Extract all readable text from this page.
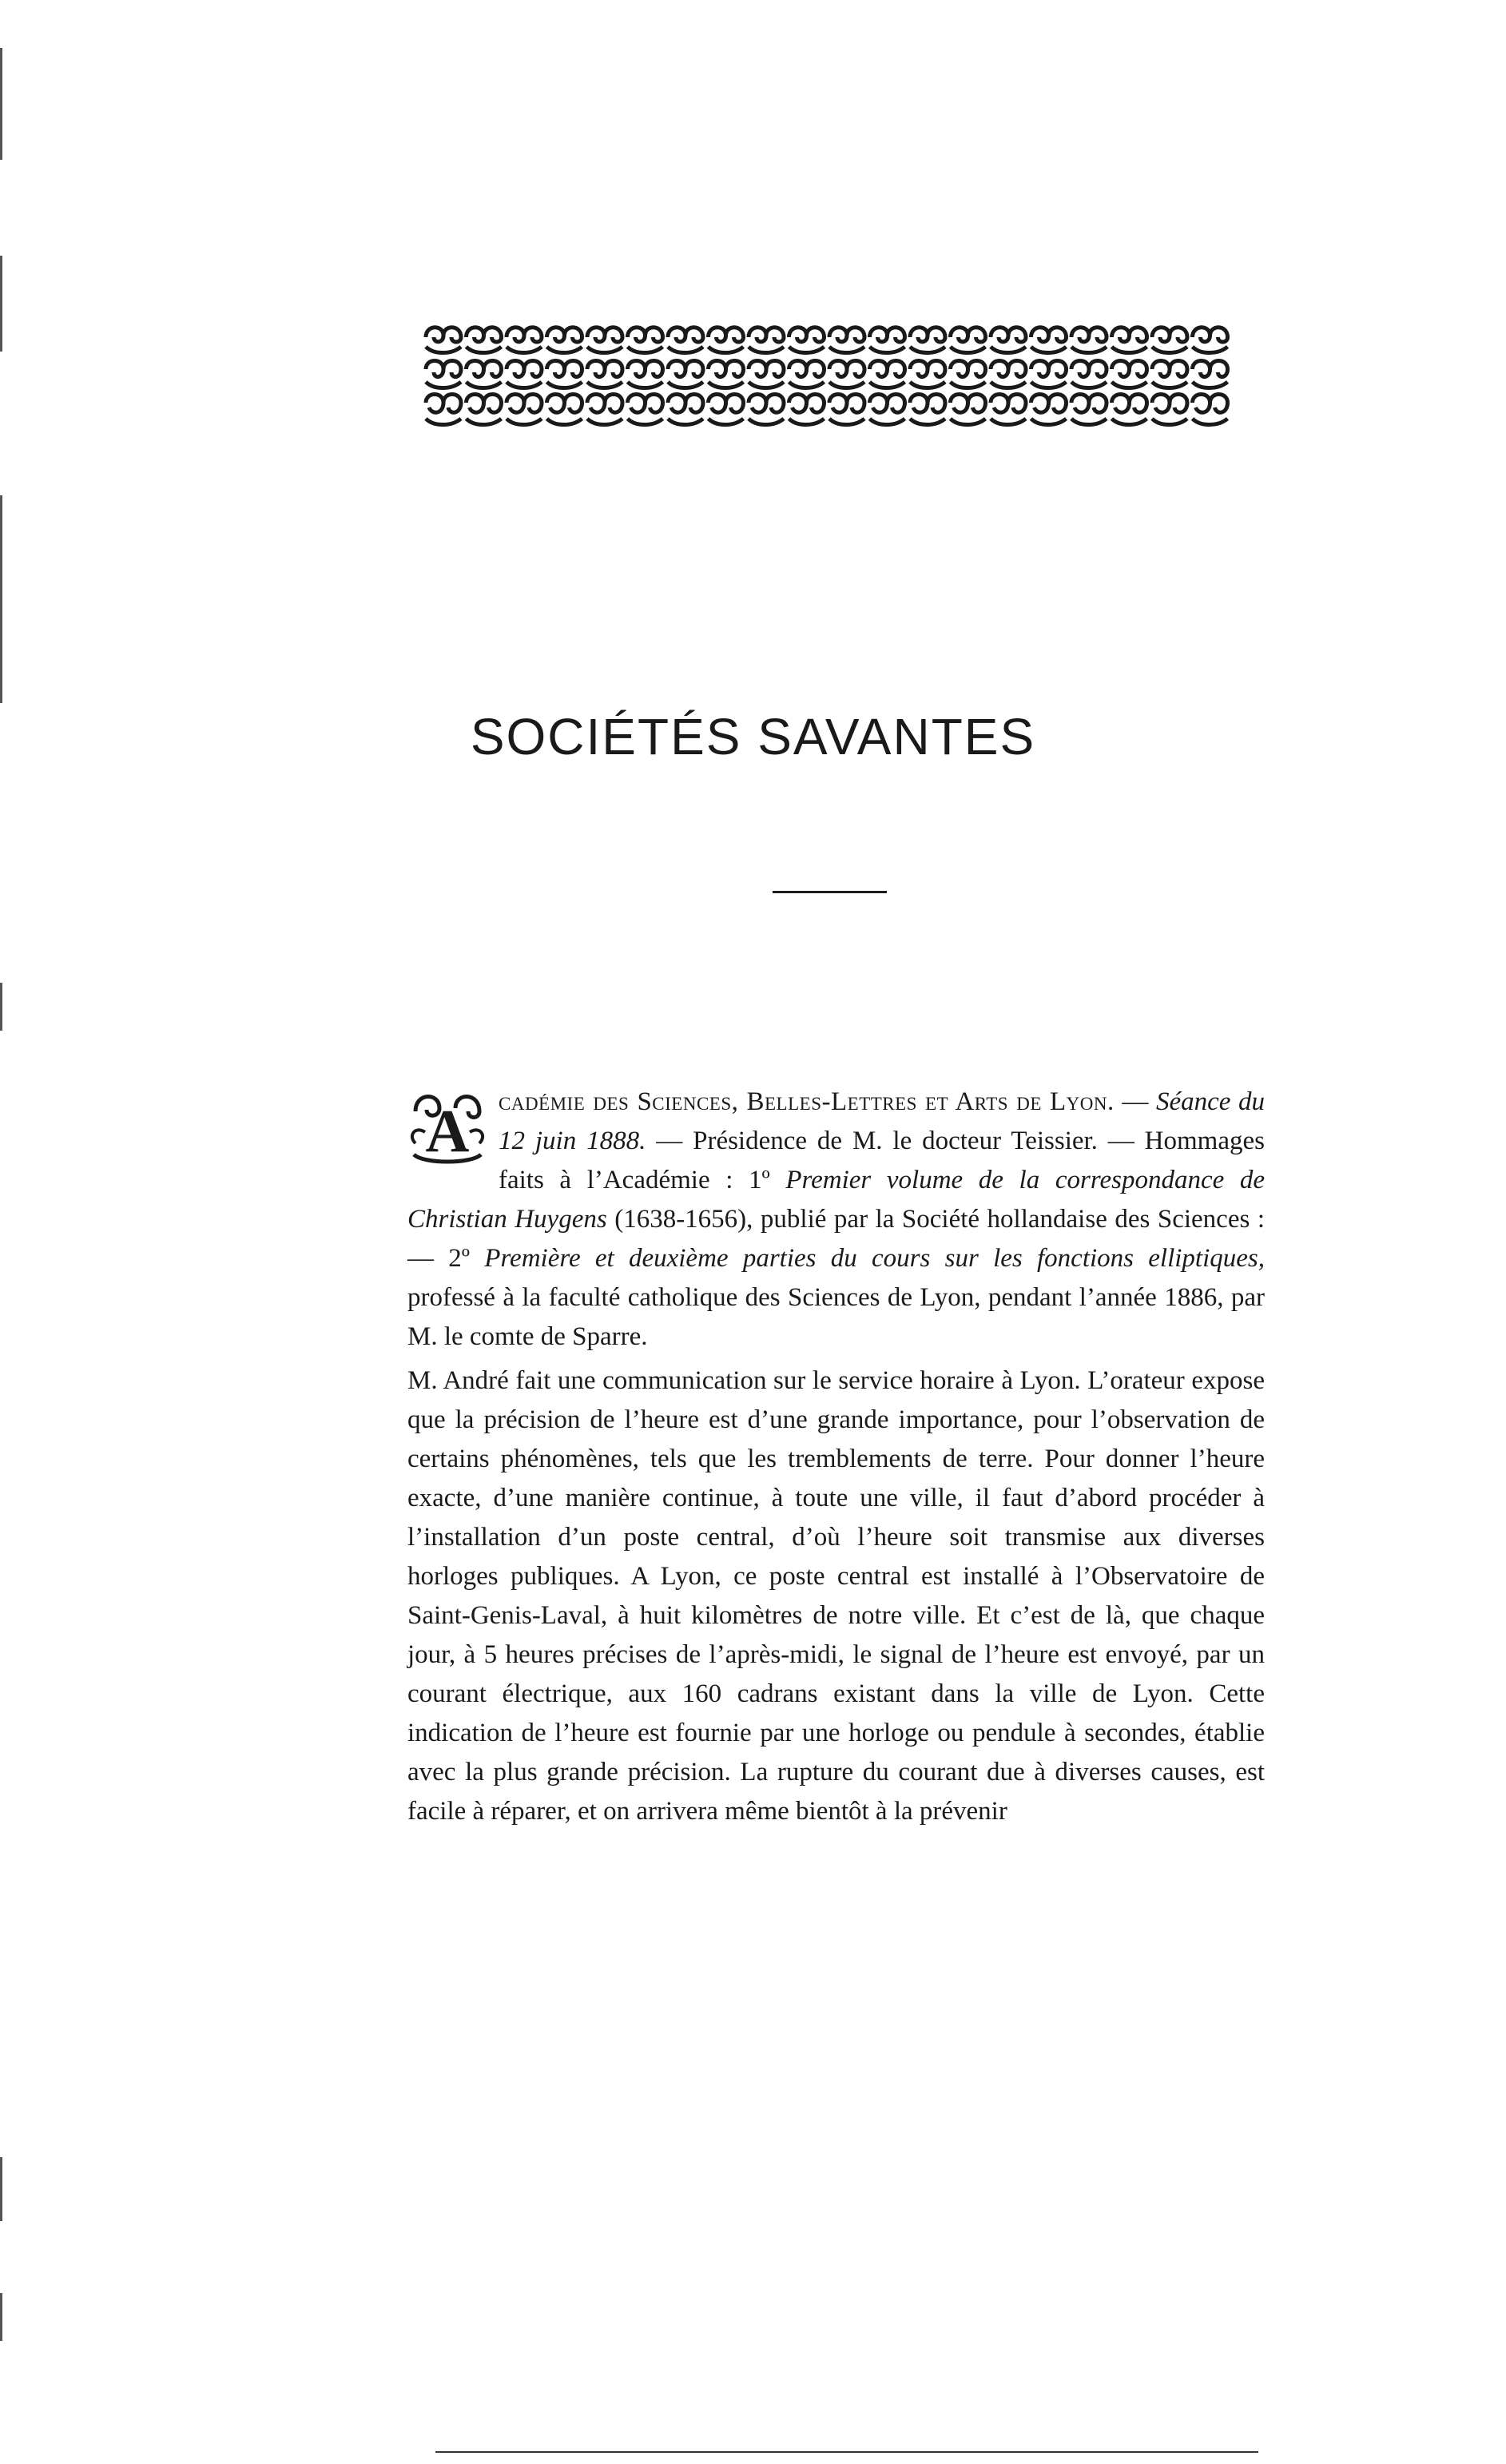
SOCIÉTÉS SAVANTES

A cadémie des Sciences, Belles-Lettres et Arts de Lyon. — Séance du 12 juin 1888. — Présidence de M. le docteur Teissier. — Hommages faits à l’Académie : 1º Premier volume de la correspondance de Christian Huygens (1638-1656), publié par la Société hollandaise des Sciences : — 2º Première et deuxième parties du cours sur les fonctions elliptiques, professé à la faculté catholique des Sciences de Lyon, pendant l’année 1886, par M. le comte de Sparre.

M. André fait une communication sur le service horaire à Lyon. L’orateur expose que la précision de l’heure est d’une grande importance, pour l’observation de certains phénomènes, tels que les tremblements de terre. Pour donner l’heure exacte, d’une manière continue, à toute une ville, il faut d’abord procéder à l’installation d’un poste central, d’où l’heure soit transmise aux diverses horloges publiques. A Lyon, ce poste central est installé à l’Observatoire de Saint-Genis-Laval, à huit kilomètres de notre ville. Et c’est de là, que chaque jour, à 5 heures précises de l’après-midi, le signal de l’heure est envoyé, par un courant électrique, aux 160 cadrans existant dans la ville de Lyon. Cette indication de l’heure est fournie par une horloge ou pendule à secondes, établie avec la plus grande précision. La rupture du courant due à diverses causes, est facile à réparer, et on arrivera même bientôt à la prévenir
